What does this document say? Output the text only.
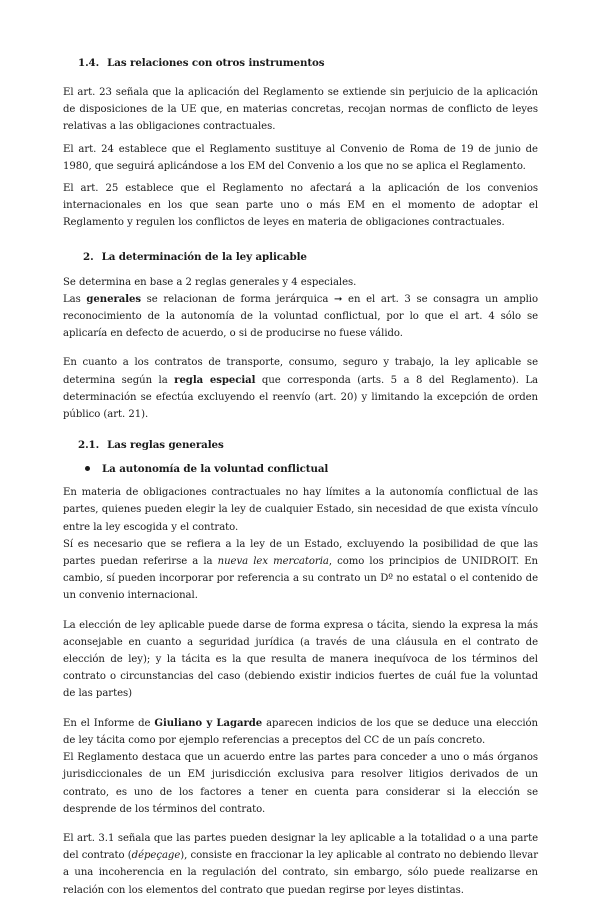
1.4. Las relaciones con otros instrumentos

El art. 23 señala que la aplicación del Reglamento se extiende sin perjuicio de la aplicación de disposiciones de la UE que, en materias concretas, recojan normas de conflicto de leyes relativas a las obligaciones contractuales.

El art. 24 establece que el Reglamento sustituye al Convenio de Roma de 19 de junio de 1980, que seguirá aplicándose a los EM del Convenio a los que no se aplica el Reglamento.

El art. 25 establece que el Reglamento no afectará a la aplicación de los convenios internacionales en los que sean parte uno o más EM en el momento de adoptar el Reglamento y regulen los conflictos de leyes en materia de obligaciones contractuales.

2. La determinación de la ley aplicable

Se determina en base a 2 reglas generales y 4 especiales.

Las generales se relacionan de forma jerárquica ➞ en el art. 3 se consagra un amplio reconocimiento de la autonomía de la voluntad conflictual, por lo que el art. 4 sólo se aplicaría en defecto de acuerdo, o si de producirse no fuese válido.

En cuanto a los contratos de transporte, consumo, seguro y trabajo, la ley aplicable se determina según la regla especial que corresponda (arts. 5 a 8 del Reglamento). La determinación se efectúa excluyendo el reenvío (art. 20) y limitando la excepción de orden público (art. 21).

2.1. Las reglas generales
La autonomía de la voluntad conflictual

En materia de obligaciones contractuales no hay límites a la autonomía conflictual de las partes, quienes pueden elegir la ley de cualquier Estado, sin necesidad de que exista vínculo entre la ley escogida y el contrato.

Sí es necesario que se refiera a la ley de un Estado, excluyendo la posibilidad de que las partes puedan referirse a la nueva lex mercatoria, como los principios de UNIDROIT. En cambio, sí pueden incorporar por referencia a su contrato un Dº no estatal o el contenido de un convenio internacional.

La elección de ley aplicable puede darse de forma expresa o tácita, siendo la expresa la más aconsejable en cuanto a seguridad jurídica (a través de una cláusula en el contrato de elección de ley); y la tácita es la que resulta de manera inequívoca de los términos del contrato o circunstancias del caso (debiendo existir indicios fuertes de cuál fue la voluntad de las partes)

En el Informe de Giuliano y Lagarde aparecen indicios de los que se deduce una elección de ley tácita como por ejemplo referencias a preceptos del CC de un país concreto.

El Reglamento destaca que un acuerdo entre las partes para conceder a uno o más órganos jurisdiccionales de un EM jurisdicción exclusiva para resolver litigios derivados de un contrato, es uno de los factores a tener en cuenta para considerar si la elección se desprende de los términos del contrato.

El art. 3.1 señala que las partes pueden designar la ley aplicable a la totalidad o a una parte del contrato (dépeçage), consiste en fraccionar la ley aplicable al contrato no debiendo llevar a una incoherencia en la regulación del contrato, sin embargo, sólo puede realizarse en relación con los elementos del contrato que puedan regirse por leyes distintas.
